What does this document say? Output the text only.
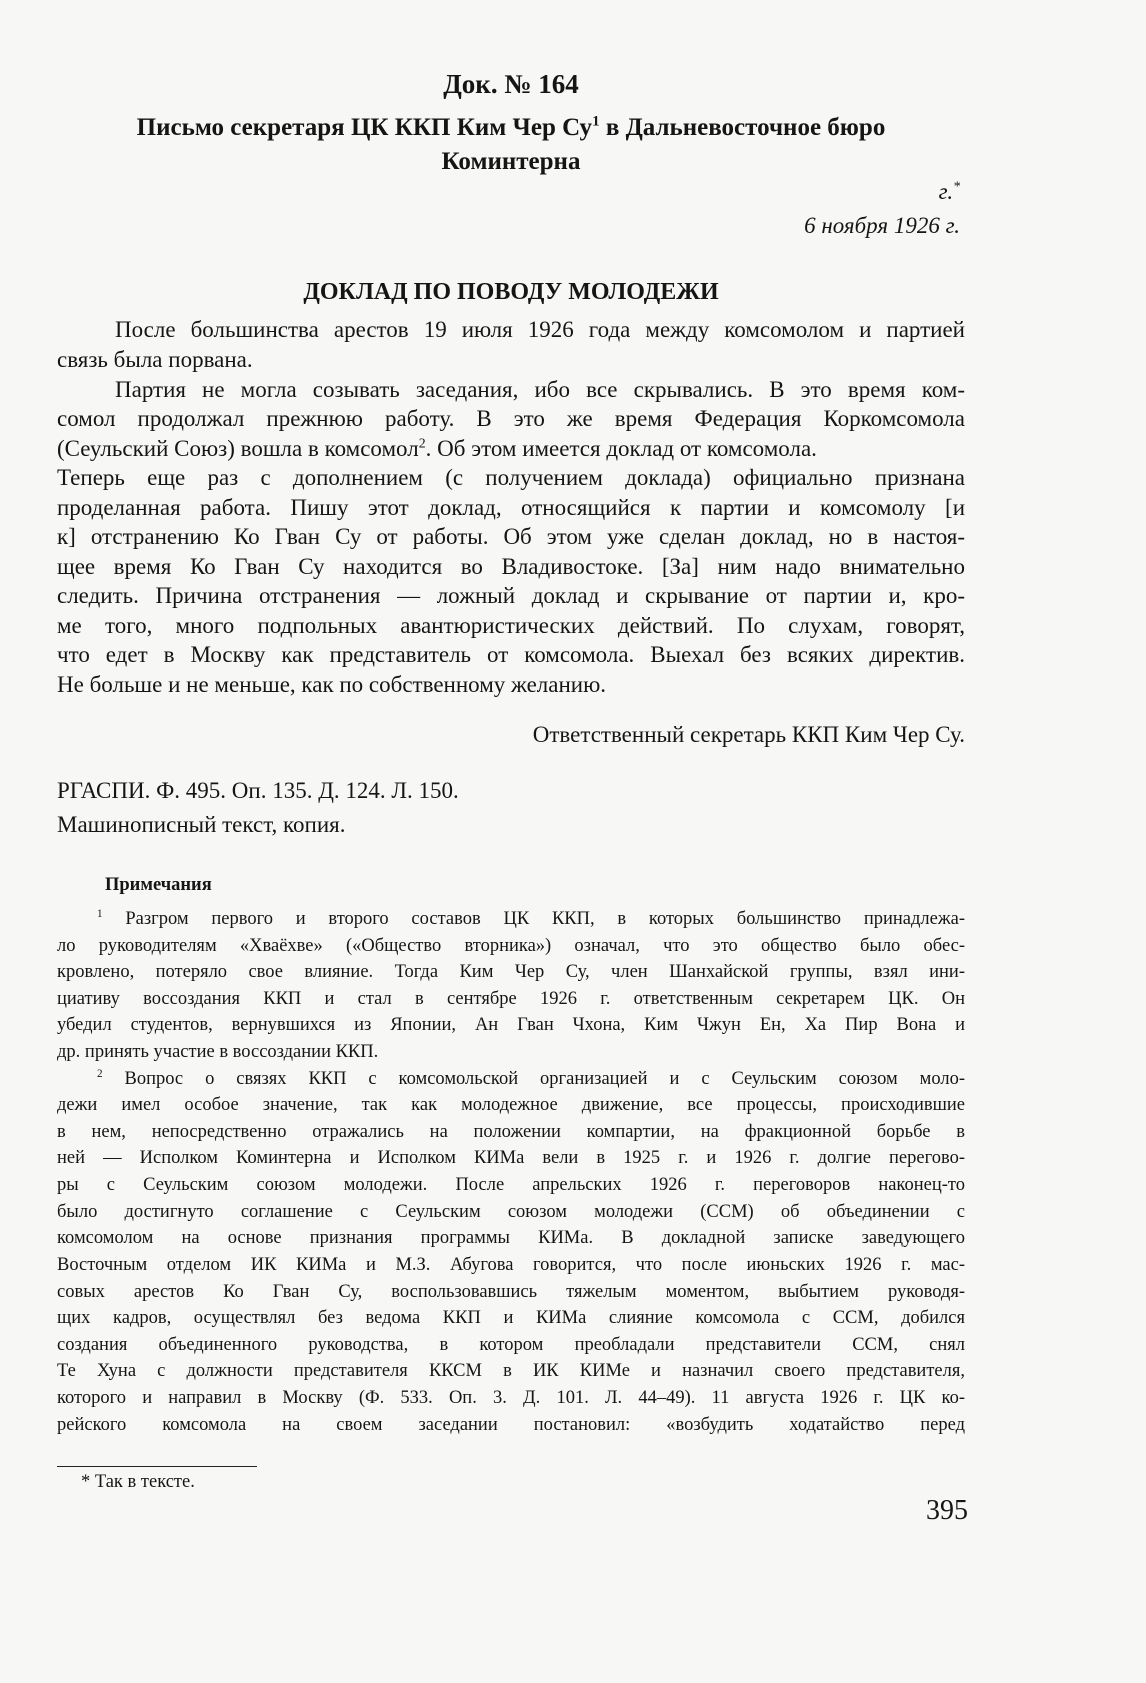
Док. № 164
Письмо секретаря ЦК ККП Ким Чер $Су^1$ в Дальневосточное бюро
Коминтерна
г.*
6 ноября 1926 г.
ДОКЛАД ПО ПОВОДУ МОЛОДЕЖИ
После большинства арестов 19 июля 1926 года между комсомолом и партией
связь была порвана.
Партия не могла созывать заседания, ибо все скрывались. В это время ком-
сомол продолжал прежнюю работу. В это же время Федерация Коркомсомола
(Сеульский Союз) вошла в комсомол$^2$. Об этом имеется доклад от комсомола.
Теперь еще раз с дополнением (с получением доклада) официально признана
проделанная работа. Пишу этот доклад, относящийся к партии и комсомолу [и
к] отстранению Ко Гван Су от работы. Об этом уже сделан доклад, но в настоя-
щее время Ко Гван Су находится во Владивостоке. [За] ним надо внимательно
следить. Причина отстранения — ложный доклад и скрывание от партии и, кро-
ме того, много подпольных авантюристических действий. По слухам, говорят,
что едет в Москву как представитель от комсомола. Выехал без всяких директив.
Не больше и не меньше, как по собственному желанию.
Ответственный секретарь ККП Ким Чер Су.
РГАСПИ. Ф. 495. Оп. 135. Д. 124. Л. 150.
Машинописный текст, копия.
Примечания
$^1$ Разгром первого и второго составов ЦК ККП, в которых большинство принадлежа-
ло руководителям «Хваёхве» («Общество вторника») означал, что это общество было обес-
кровлено, потеряло свое влияние. Тогда Ким Чер Су, член Шанхайской группы, взял ини-
циативу воссоздания ККП и стал в сентябре 1926 г. ответственным секретарем ЦК. Он
убедил студентов, вернувшихся из Японии, Ан Гван Чхона, Ким Чжун Ен, Ха Пир Вона и
др. принять участие в воссоздании ККП.
$^2$ Вопрос о связях ККП с комсомольской организацией и с Сеульским союзом моло-
дежи имел особое значение, так как молодежное движение, все процессы, происходившие
в нем, непосредственно отражались на положении компартии, на фракционной борьбе в
ней — Исполком Коминтерна и Исполком КИМа вели в 1925 г. и 1926 г. долгие перегово-
ры с Сеульским союзом молодежи. После апрельских 1926 г. переговоров наконец-то
было достигнуто соглашение с Сеульским союзом молодежи (ССМ) об объединении с
комсомолом на основе признания программы КИМа. В докладной записке заведующего
Восточным отделом ИК КИМа и М.З. Абугова говорится, что после июньских 1926 г. мас-
совых арестов Ко Гван Су, воспользовавшись тяжелым моментом, выбытием руководя-
щих кадров, осуществлял без ведома ККП и КИМа слияние комсомола с ССМ, добился
создания объединенного руководства, в котором преобладали представители ССМ, снял
Те Хуна с должности представителя ККСМ в ИК КИМе и назначил своего представителя,
которого и направил в Москву (Ф. 533. Оп. 3. Д. 101. Л. 44–49). 11 августа 1926 г. ЦК ко-
рейского комсомола на своем заседании постановил: «возбудить ходатайство перед
* Так в тексте.
395
